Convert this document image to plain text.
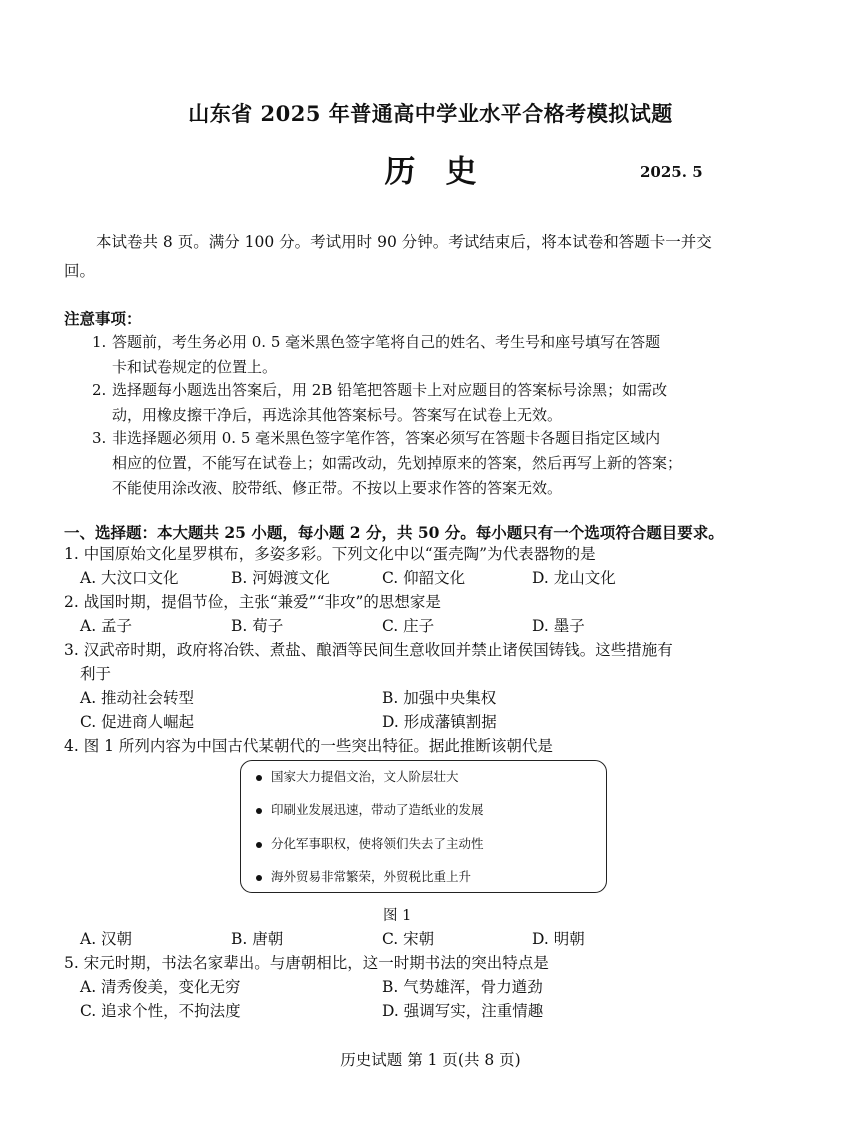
山东省 2025 年普通高中学业水平合格考模拟试题
历史	2025. 5
本试卷共 8 页。满分 100 分。考试用时 90 分钟。考试结束后，将本试卷和答题卡一并交回。
注意事项：
1. 答题前，考生务必用 0. 5 毫米黑色签字笔将自己的姓名、考生号和座号填写在答题
卡和试卷规定的位置上。
2. 选择题每小题选出答案后，用 2B 铅笔把答题卡上对应题目的答案标号涂黑；如需改
动，用橡皮擦干净后，再选涂其他答案标号。答案写在试卷上无效。
3. 非选择题必须用 0. 5 毫米黑色签字笔作答，答案必须写在答题卡各题目指定区域内
相应的位置，不能写在试卷上；如需改动，先划掉原来的答案，然后再写上新的答案；
不能使用涂改液、胶带纸、修正带。不按以上要求作答的答案无效。
一、选择题：本大题共 25 小题，每小题 2 分，共 50 分。每小题只有一个选项符合题目要求。
1. 中国原始文化星罗棋布，多姿多彩。下列文化中以“蛋壳陶”为代表器物的是
A. 大汶口文化	B. 河姆渡文化	C. 仰韶文化	D. 龙山文化
2. 战国时期，提倡节俭，主张“兼爱”“非攻”的思想家是
A. 孟子	B. 荀子	C. 庄子	D. 墨子
3. 汉武帝时期，政府将冶铁、煮盐、酿酒等民间生意收回并禁止诸侯国铸钱。这些措施有
利于
A. 推动社会转型	B. 加强中央集权
C. 促进商人崛起	D. 形成藩镇割据
4. 图 1 所列内容为中国古代某朝代的一些突出特征。据此推断该朝代是
国家大力提倡文治，文人阶层壮大
印刷业发展迅速，带动了造纸业的发展
分化军事职权，使将领们失去了主动性
海外贸易非常繁荣，外贸税比重上升
图 1
A. 汉朝	B. 唐朝	C. 宋朝	D. 明朝
5. 宋元时期，书法名家辈出。与唐朝相比，这一时期书法的突出特点是
A. 清秀俊美，变化无穷	B. 气势雄浑，骨力遒劲
C. 追求个性，不拘法度	D. 强调写实，注重情趣
历史试题 第 1 页(共 8 页)
